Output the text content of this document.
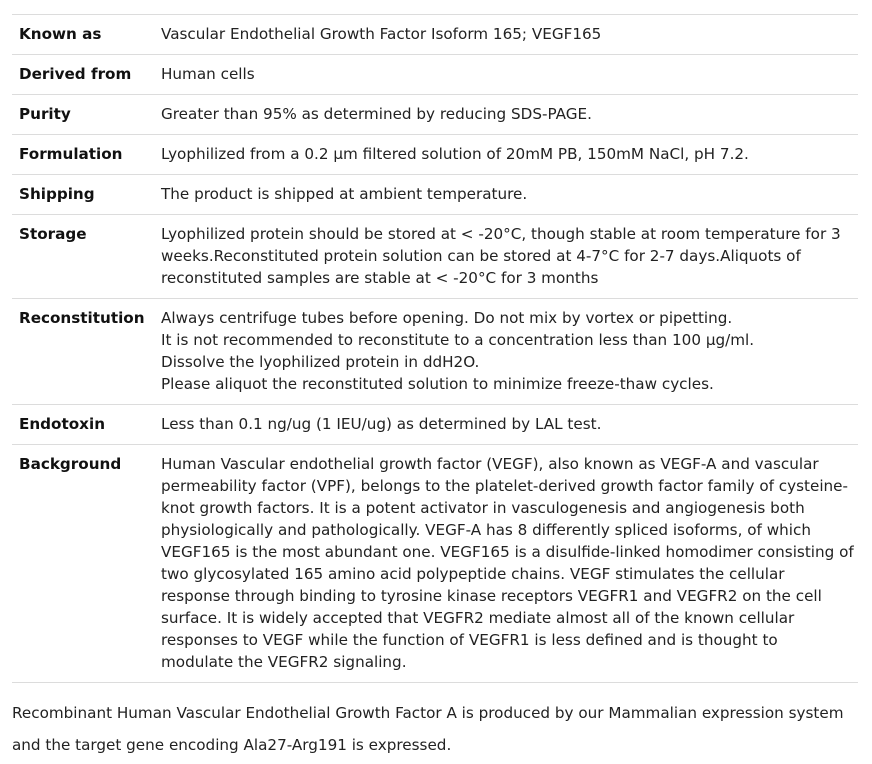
Known as	Vascular Endothelial Growth Factor Isoform 165; VEGF165
Derived from	Human cells
Purity	Greater than 95% as determined by reducing SDS-PAGE.
Formulation	Lyophilized from a 0.2 μm filtered solution of 20mM PB, 150mM NaCl, pH 7.2.
Shipping	The product is shipped at ambient temperature.
Storage	Lyophilized protein should be stored at < -20°C, though stable at room temperature for 3 weeks.Reconstituted protein solution can be stored at 4-7°C for 2-7 days.Aliquots of reconstituted samples are stable at < -20°C for 3 months
Reconstitution	Always centrifuge tubes before opening. Do not mix by vortex or pipetting.
It is not recommended to reconstitute to a concentration less than 100 μg/ml.
Dissolve the lyophilized protein in ddH2O.
Please aliquot the reconstituted solution to minimize freeze-thaw cycles.

Endotoxin	Less than 0.1 ng/ug (1 IEU/ug) as determined by LAL test.
Background	Human Vascular endothelial growth factor (VEGF), also known as VEGF-A and vascular permeability factor (VPF), belongs to the platelet-derived growth factor family of cysteine-knot growth factors. It is a potent activator in vasculogenesis and angiogenesis both physiologically and pathologically. VEGF-A has 8 differently spliced isoforms, of which VEGF165 is the most abundant one. VEGF165 is a disulfide-linked homodimer consisting of two glycosylated 165 amino acid polypeptide chains. VEGF stimulates the cellular response through binding to tyrosine kinase receptors VEGFR1 and VEGFR2 on the cell surface. It is widely accepted that VEGFR2 mediate almost all of the known cellular responses to VEGF while the function of VEGFR1 is less defined and is thought to modulate the VEGFR2 signaling.
Recombinant Human Vascular Endothelial Growth Factor A is produced by our Mammalian expression system and the target gene encoding Ala27-Arg191 is expressed.
